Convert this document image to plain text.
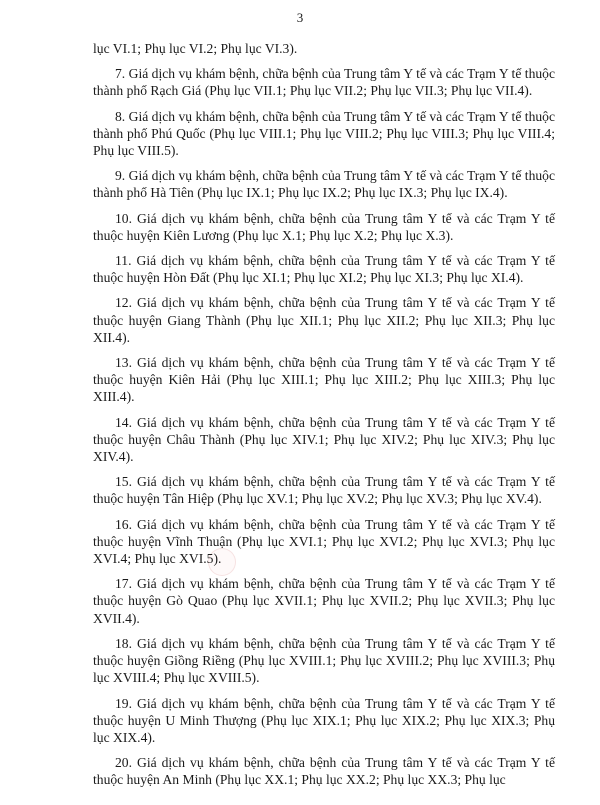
3

lục VI.1; Phụ lục VI.2; Phụ lục VI.3).

7. Giá dịch vụ khám bệnh, chữa bệnh của Trung tâm Y tế và các Trạm Y tế thuộc thành phố Rạch Giá (Phụ lục VII.1; Phụ lục VII.2; Phụ lục VII.3; Phụ lục VII.4).

8. Giá dịch vụ khám bệnh, chữa bệnh của Trung tâm Y tế và các Trạm Y tế thuộc thành phố Phú Quốc (Phụ lục VIII.1; Phụ lục VIII.2; Phụ lục VIII.3; Phụ lục VIII.4; Phụ lục VIII.5).

9. Giá dịch vụ khám bệnh, chữa bệnh của Trung tâm Y tế và các Trạm Y tế thuộc thành phố Hà Tiên (Phụ lục IX.1; Phụ lục IX.2; Phụ lục IX.3; Phụ lục IX.4).

10. Giá dịch vụ khám bệnh, chữa bệnh của Trung tâm Y tế và các Trạm Y tế thuộc huyện Kiên Lương (Phụ lục X.1; Phụ lục X.2; Phụ lục X.3).

11. Giá dịch vụ khám bệnh, chữa bệnh của Trung tâm Y tế và các Trạm Y tế thuộc huyện Hòn Đất (Phụ lục XI.1; Phụ lục XI.2; Phụ lục XI.3; Phụ lục XI.4).

12. Giá dịch vụ khám bệnh, chữa bệnh của Trung tâm Y tế và các Trạm Y tế thuộc huyện Giang Thành (Phụ lục XII.1; Phụ lục XII.2; Phụ lục XII.3; Phụ lục XII.4).

13. Giá dịch vụ khám bệnh, chữa bệnh của Trung tâm Y tế và các Trạm Y tế thuộc huyện Kiên Hải (Phụ lục XIII.1; Phụ lục XIII.2; Phụ lục XIII.3; Phụ lục XIII.4).

14. Giá dịch vụ khám bệnh, chữa bệnh của Trung tâm Y tế và các Trạm Y tế thuộc huyện Châu Thành (Phụ lục XIV.1; Phụ lục XIV.2; Phụ lục XIV.3; Phụ lục XIV.4).

15. Giá dịch vụ khám bệnh, chữa bệnh của Trung tâm Y tế và các Trạm Y tế thuộc huyện Tân Hiệp (Phụ lục XV.1; Phụ lục XV.2; Phụ lục XV.3; Phụ lục XV.4).

16. Giá dịch vụ khám bệnh, chữa bệnh của Trung tâm Y tế và các Trạm Y tế thuộc huyện Vĩnh Thuận (Phụ lục XVI.1; Phụ lục XVI.2; Phụ lục XVI.3; Phụ lục XVI.4; Phụ lục XVI.5).

17. Giá dịch vụ khám bệnh, chữa bệnh của Trung tâm Y tế và các Trạm Y tế thuộc huyện Gò Quao (Phụ lục XVII.1; Phụ lục XVII.2; Phụ lục XVII.3; Phụ lục XVII.4).

18. Giá dịch vụ khám bệnh, chữa bệnh của Trung tâm Y tế và các Trạm Y tế thuộc huyện Giồng Riềng (Phụ lục XVIII.1; Phụ lục XVIII.2; Phụ lục XVIII.3; Phụ lục XVIII.4; Phụ lục XVIII.5).

19. Giá dịch vụ khám bệnh, chữa bệnh của Trung tâm Y tế và các Trạm Y tế thuộc huyện U Minh Thượng (Phụ lục XIX.1; Phụ lục XIX.2; Phụ lục XIX.3; Phụ lục XIX.4).

20. Giá dịch vụ khám bệnh, chữa bệnh của Trung tâm Y tế và các Trạm Y tế thuộc huyện An Minh (Phụ lục XX.1; Phụ lục XX.2; Phụ lục XX.3; Phụ lục
